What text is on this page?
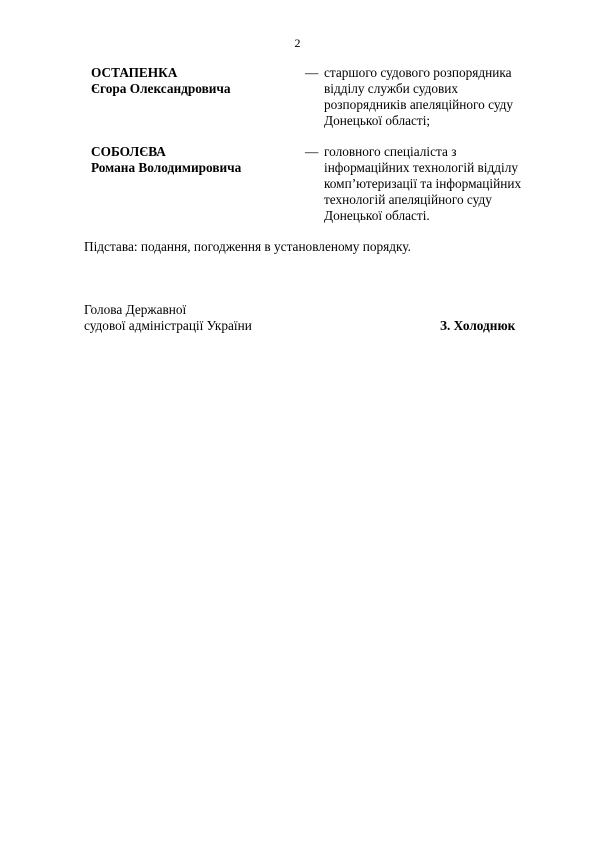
2
ОСТАПЕНКА
Єгора Олександровича
— старшого судового розпорядника
відділу служби судових
розпорядників апеляційного суду
Донецької області;
СОБОЛЄВА
Романа Володимировича
— головного спеціаліста з
інформаційних технологій відділу
комп’ютеризації та інформаційних
технологій апеляційного суду
Донецької області.
Підстава: подання, погодження в установленому порядку.
Голова Державної
судової адміністрації України	З. Холоднюк
